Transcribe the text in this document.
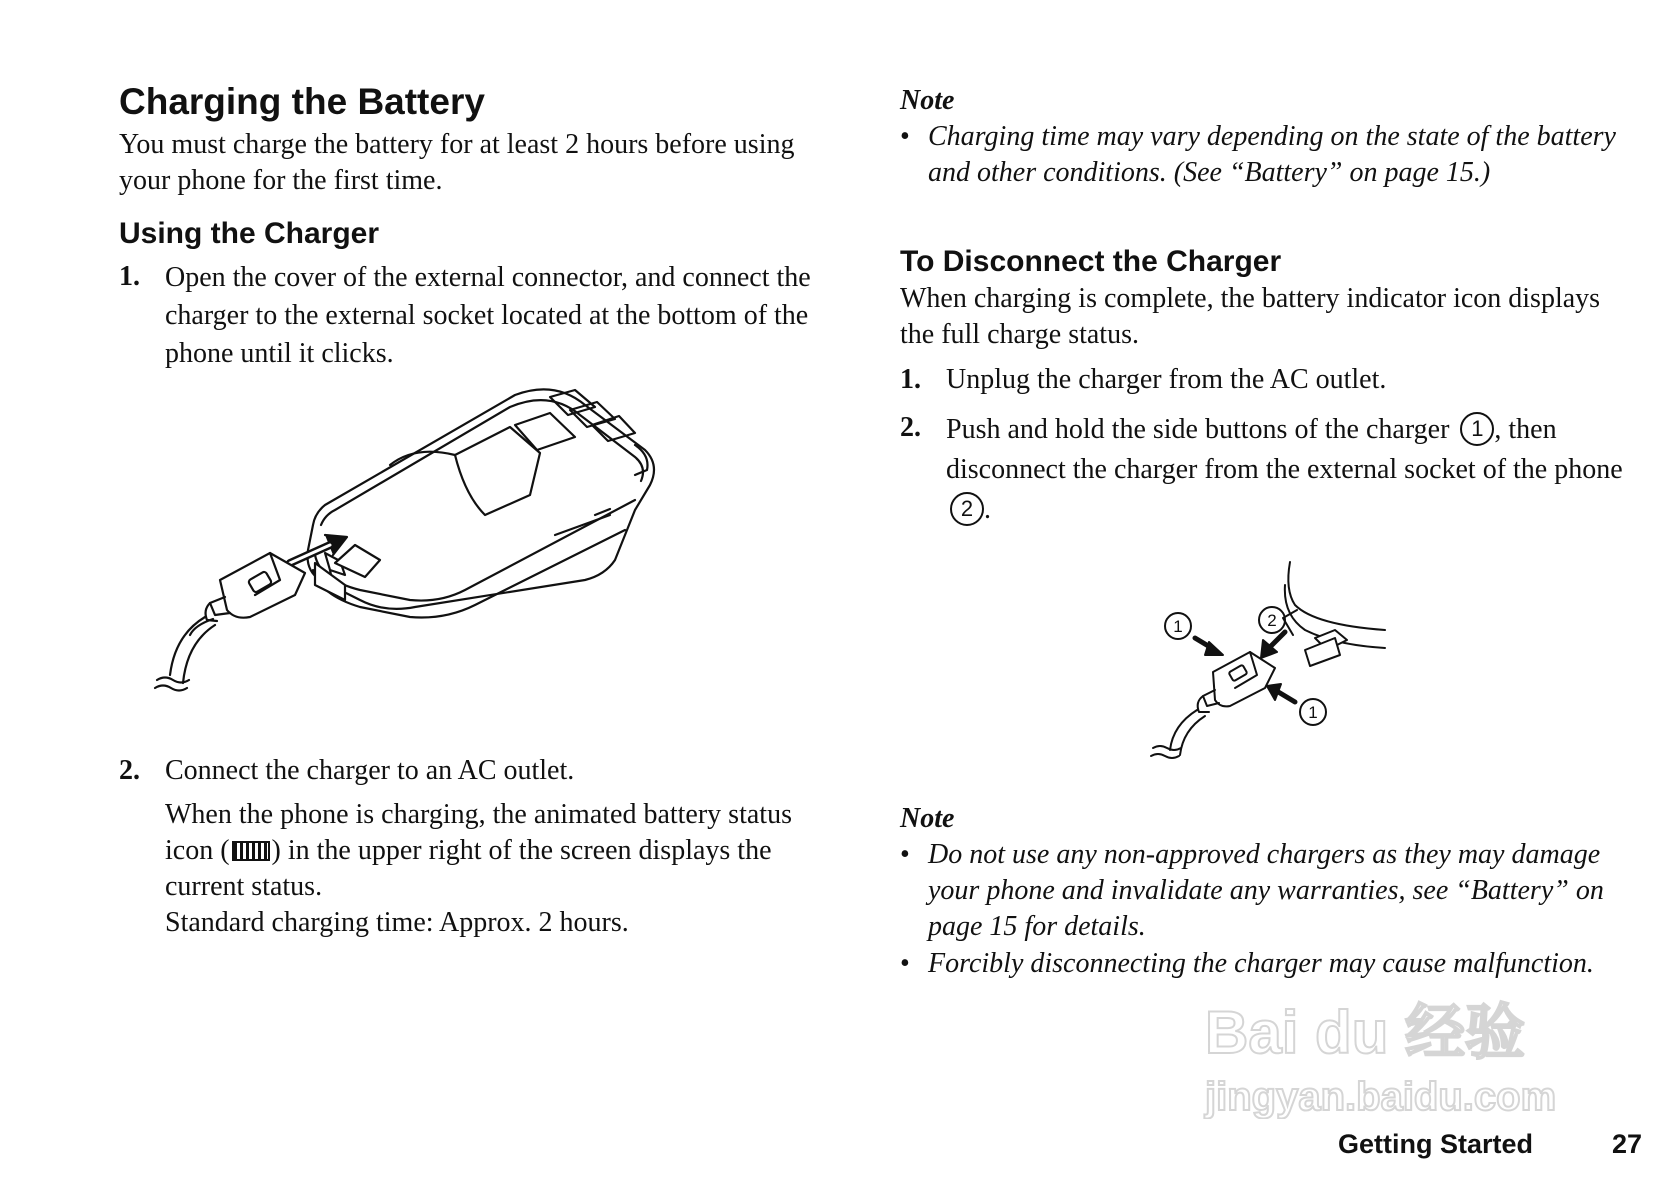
Charging the Battery
You must charge the battery for at least 2 hours before using your phone for the first time.
Using the Charger
1. Open the cover of the external connector, and connect the charger to the external socket located at the bottom of the phone until it clicks.
2. Connect the charger to an AC outlet.
When the phone is charging, the animated battery status icon ( ) in the upper right of the screen displays the current status.
Standard charging time: Approx. 2 hours.
Note
• Charging time may vary depending on the state of the battery and other conditions. (See “Battery” on page 15.)
To Disconnect the Charger
When charging is complete, the battery indicator icon displays the full charge status.
1. Unplug the charger from the AC outlet.
2. Push and hold the side buttons of the charger 1 , then disconnect the charger from the external socket of the phone 2 .
1	2
1
Note
• Do not use any non-approved chargers as they may damage your phone and invalidate any warranties, see “Battery” on page 15 for details.
• Forcibly disconnecting the charger may cause malfunction.
Bai du 经验
jingyan.baidu.com
Getting Started	27
